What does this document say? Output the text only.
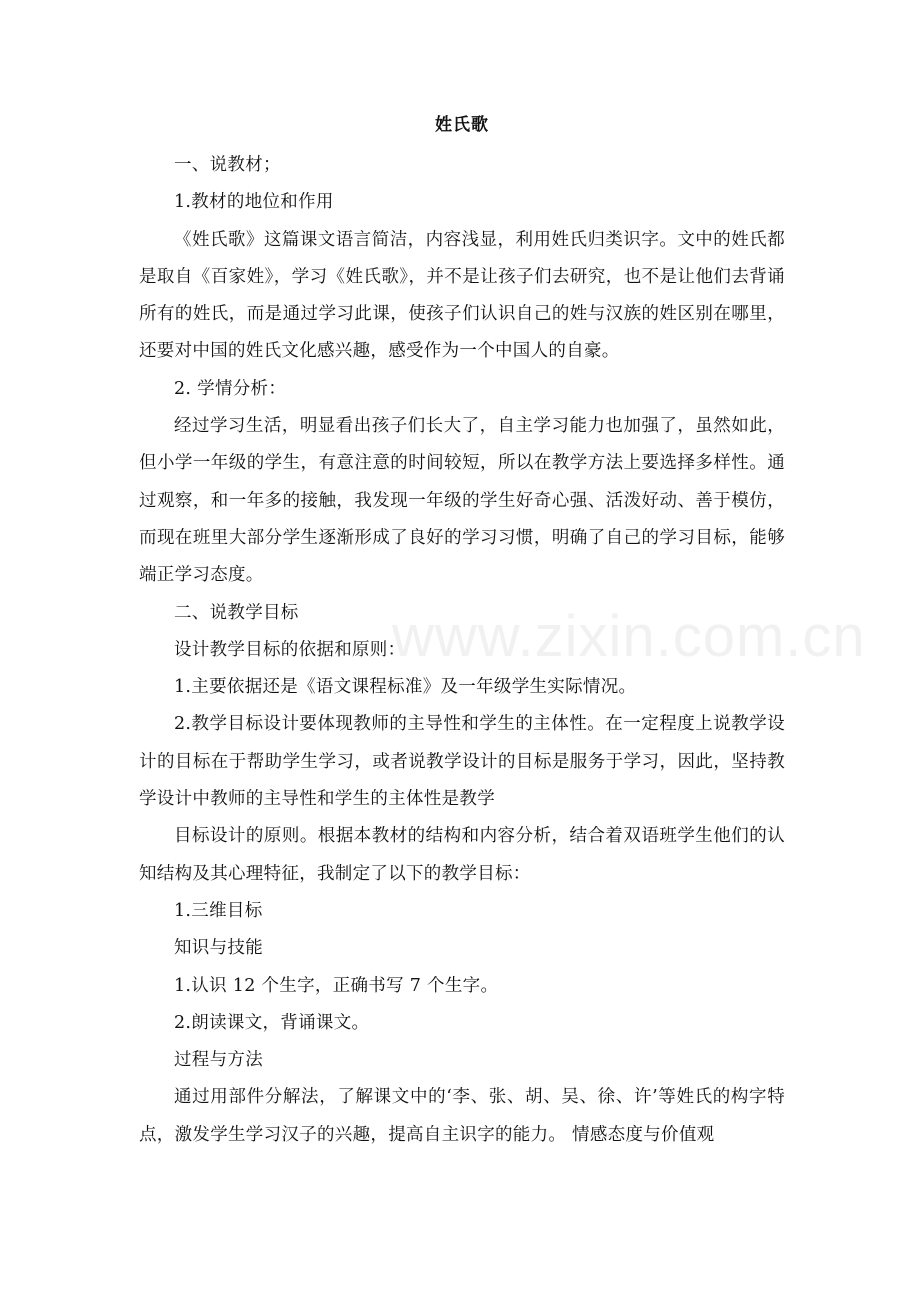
www.zixin.com.cn
姓氏歌

一、说教材；

1.教材的地位和作用

《姓氏歌》这篇课文语言简洁，内容浅显，利用姓氏归类识字。文中的姓氏都是取自《百家姓》，学习《姓氏歌》，并不是让孩子们去研究，也不是让他们去背诵所有的姓氏，而是通过学习此课，使孩子们认识自己的姓与汉族的姓区别在哪里，还要对中国的姓氏文化感兴趣，感受作为一个中国人的自豪。

2. 学情分析：

经过学习生活，明显看出孩子们长大了，自主学习能力也加强了，虽然如此，但小学一年级的学生，有意注意的时间较短，所以在教学方法上要选择多样性。通过观察，和一年多的接触，我发现一年级的学生好奇心强、活泼好动、善于模仿，而现在班里大部分学生逐渐形成了良好的学习习惯，明确了自己的学习目标，能够端正学习态度。

二、说教学目标

设计教学目标的依据和原则：

1.主要依据还是《语文课程标准》及一年级学生实际情况。

2.教学目标设计要体现教师的主导性和学生的主体性。在一定程度上说教学设计的目标在于帮助学生学习，或者说教学设计的目标是服务于学习，因此，坚持教学设计中教师的主导性和学生的主体性是教学

目标设计的原则。根据本教材的结构和内容分析，结合着双语班学生他们的认知结构及其心理特征，我制定了以下的教学目标：

1.三维目标

知识与技能

1.认识 12 个生字，正确书写 7 个生字。

2.朗读课文，背诵课文。

过程与方法

通过用部件分解法，了解课文中的‘李、张、胡、吴、徐、许’等姓氏的构字特点，激发学生学习汉子的兴趣，提高自主识字的能力。 情感态度与价值观
